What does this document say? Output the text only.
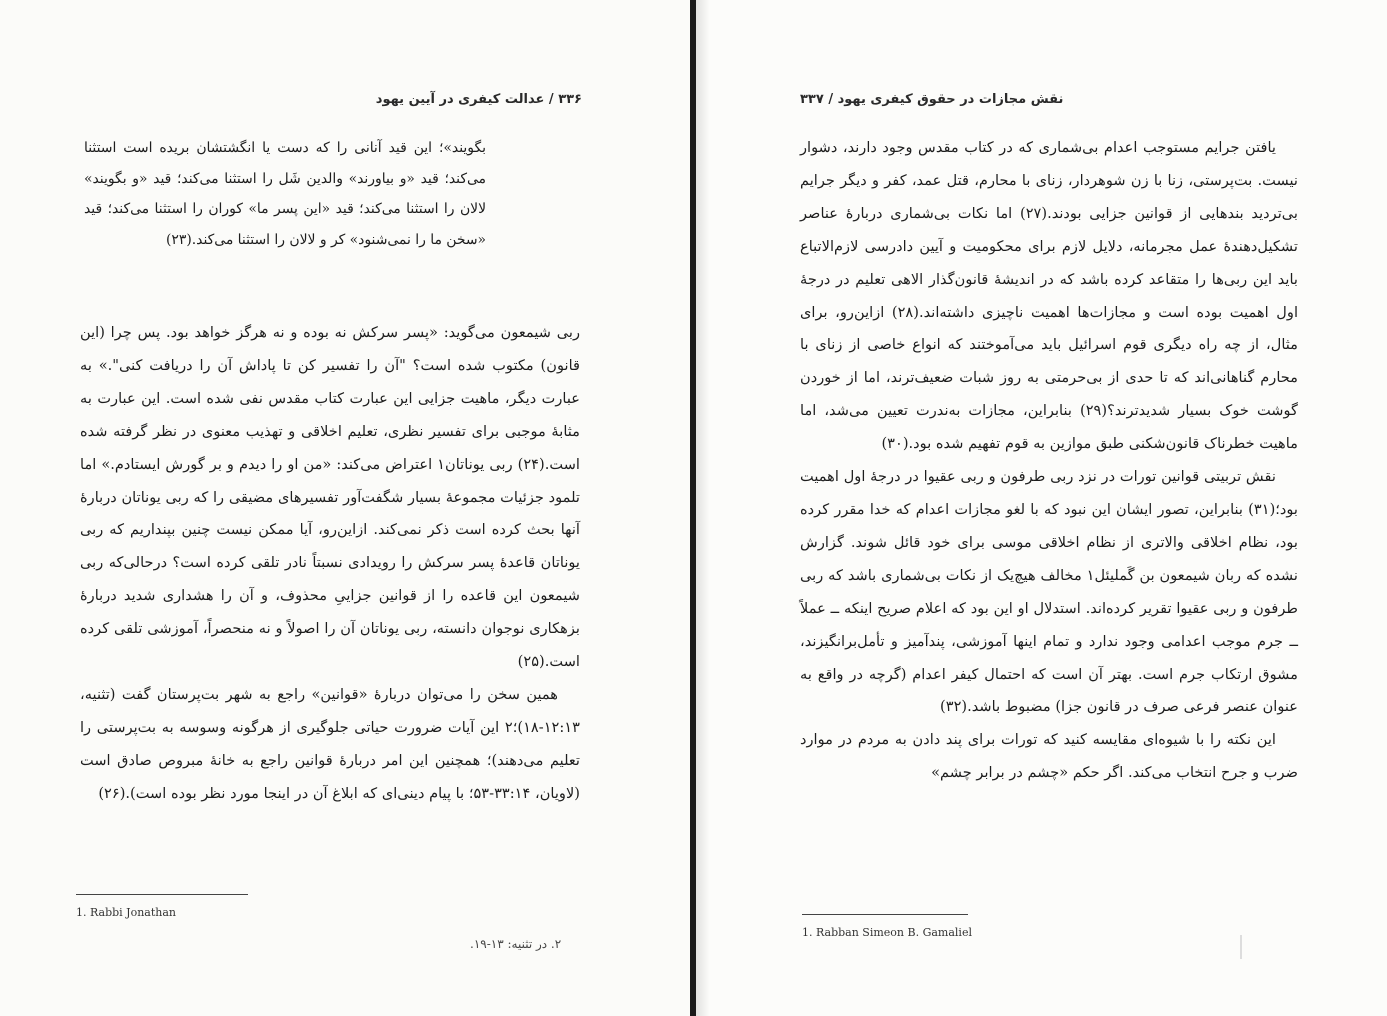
۳۳۶ / عدالت کیفری در آیین یهود

بگویند»؛ این قید آنانی را که دست یا انگشتشان بریده است استثنا می‌کند؛ قید «و بیاورند» والدین شَل را استثنا می‌کند؛ قید «و بگویند» لالان را استثنا می‌کند؛ قید «این پسر ما» کوران را استثنا می‌کند؛ قید «سخن ما را نمی‌شنود» کر و لالان را استثنا می‌کند.(۲۳)

ربی شیمعون می‌گوید: «پسر سرکش نه بوده و نه هرگز خواهد بود. پس چرا (این قانون) مکتوب شده است؟ "آن را تفسیر کن تا پاداش آن را دریافت کنی".» به عبارت دیگر، ماهیت جزایی این عبارت کتاب مقدس نفی شده است. این عبارت به مثابهٔ موجبی برای تفسیر نظری، تعلیم اخلاقی و تهذیب معنوی در نظر گرفته شده است.(۲۴) ربی یوناتان۱ اعتراض می‌کند: «من او را دیدم و بر گورش ایستادم.» اما تلمود جزئیات مجموعهٔ بسیار شگفت‌آور تفسیرهای مضیقی را که ربی یوناتان دربارهٔ آنها بحث کرده است ذکر نمی‌کند. ازاین‌رو، آیا ممکن نیست چنین بپنداریم که ربی یوناتان قاعدهٔ پسر سرکش را رویدادی نسبتاً نادر تلقی کرده است؟ درحالی‌که ربی شیمعون این قاعده را از قوانین جزاییِ محذوف، و آن را هشداری شدید دربارهٔ بزهکاری نوجوان دانسته، ربی یوناتان آن را اصولاً و نه منحصراً، آموزشی تلقی کرده است.(۲۵)

همین سخن را می‌توان دربارهٔ «قوانین» راجع به شهر بت‌پرستان گفت (تثنیه، ۱۲:۱۳-۱۸)؛۲ این آیات ضرورت حیاتی جلوگیری از هرگونه وسوسه به بت‌پرستی را تعلیم می‌دهند)؛ همچنین این امر دربارهٔ قوانین راجع به خانهٔ مبروص صادق است (لاویان، ۳۳:۱۴-۵۳؛ با پیام دینی‌ای که ابلاغ آن در اینجا مورد نظر بوده است).(۲۶)

1. Rabbi Jonathan
۲. در تثنیه: ۱۳-۱۹.
نقش مجازات در حقوق کیفری یهود / ۳۳۷

یافتن جرایم مستوجب اعدام بی‌شماری که در کتاب مقدس وجود دارند، دشوار نیست. بت‌پرستی، زنا با زن شوهردار، زنای با محارم، قتل عمد، کفر و دیگر جرایم بی‌تردید بندهایی از قوانین جزایی بودند.(۲۷) اما نکات بی‌شماری دربارهٔ عناصر تشکیل‌دهندهٔ عمل مجرمانه، دلایل لازم برای محکومیت و آیین دادرسی لازم‌الاتباع باید این ربی‌ها را متقاعد کرده باشد که در اندیشهٔ قانون‌گذار الاهی تعلیم در درجهٔ اول اهمیت بوده است و مجازات‌ها اهمیت ناچیزی داشته‌اند.(۲۸) ازاین‌رو، برای مثال، از چه راه دیگری قوم اسرائیل باید می‌آموختند که انواع خاصی از زنای با محارم گناهانی‌اند که تا حدی از بی‌حرمتی به روز شبات ضعیف‌ترند، اما از خوردن گوشت خوک بسیار شدیدترند؟(۲۹) بنابراین، مجازات به‌ندرت تعیین می‌شد، اما ماهیت خطرناک قانون‌شکنی طبق موازین به قوم تفهیم شده بود.(۳۰)

نقش تربیتی قوانین تورات در نزد ربی طرفون و ربی عقیوا در درجهٔ اول اهمیت بود؛(۳۱) بنابراین، تصور ایشان این نبود که با لغو مجازات اعدام که خدا مقرر کرده بود، نظام اخلاقی والاتری از نظام اخلاقی موسی برای خود قائل شوند. گزارش نشده که ربان شیمعون بن گَملیئل۱ مخالف هیچ‌یک از نکات بی‌شماری باشد که ربی طرفون و ربی عقیوا تقریر کرده‌اند. استدلال او این بود که اعلام صریح اینکه ــ عملاً ــ جرم موجب اعدامی وجود ندارد و تمام اینها آموزشی، پندآمیز و تأمل‌برانگیزند، مشوق ارتکاب جرم است. بهتر آن است که احتمال کیفر اعدام (گرچه در واقع به عنوان عنصر فرعی صرف در قانون جزا) مضبوط باشد.(۳۲)

این نکته را با شیوه‌ای مقایسه کنید که تورات برای پند دادن به مردم در موارد ضرب و جرح انتخاب می‌کند. اگر حکم «چشم در برابر چشم»

1. Rabban Simeon B. Gamaliel
